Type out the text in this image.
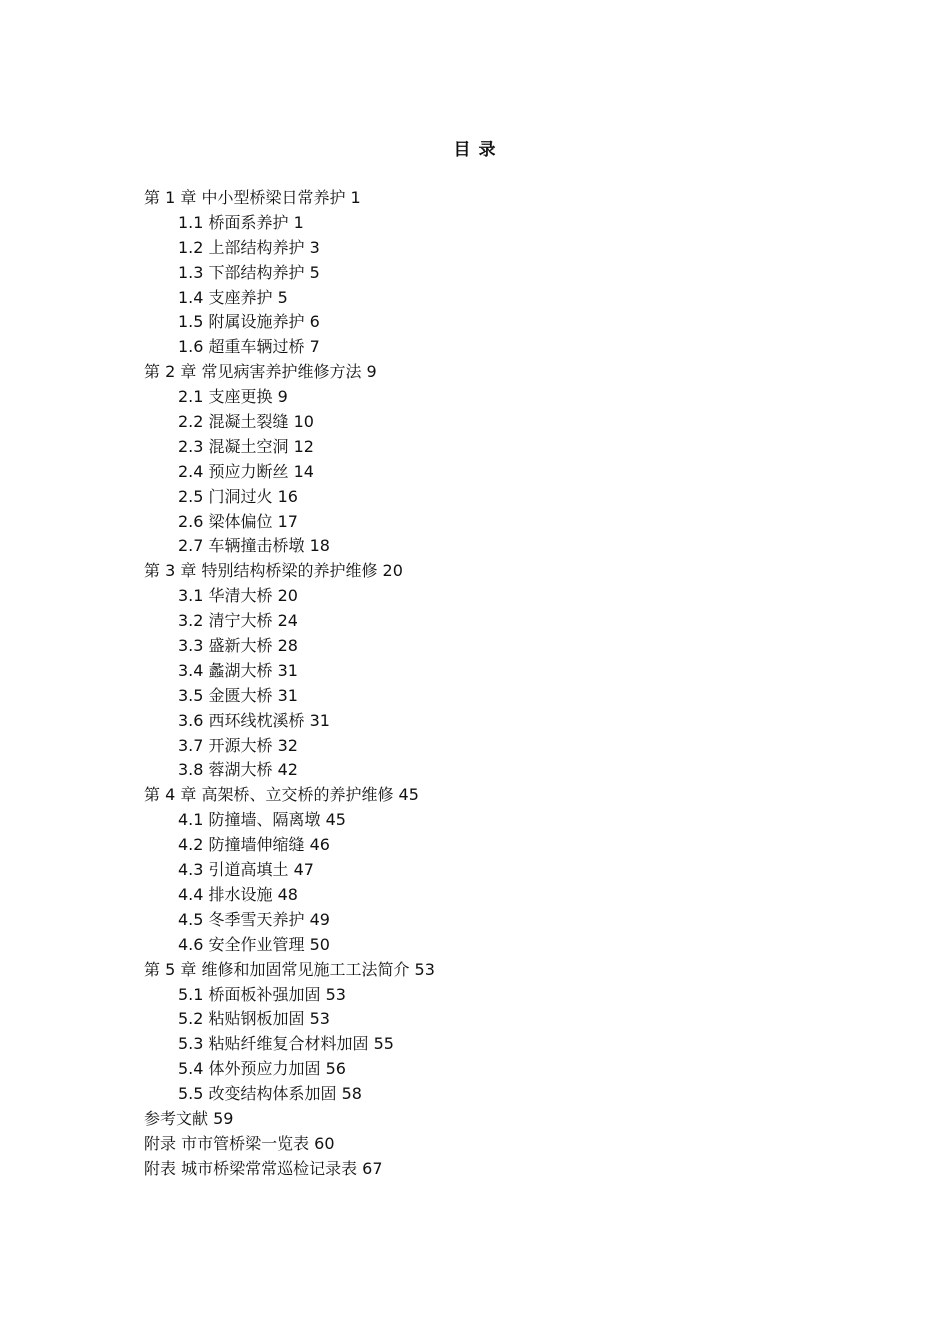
目 录
第 1 章 中小型桥梁日常养护 1
1.1 桥面系养护 1
1.2 上部结构养护 3
1.3 下部结构养护 5
1.4 支座养护 5
1.5 附属设施养护 6
1.6 超重车辆过桥 7
第 2 章 常见病害养护维修方法 9
2.1 支座更换 9
2.2 混凝土裂缝 10
2.3 混凝土空洞 12
2.4 预应力断丝 14
2.5 门洞过火 16
2.6 梁体偏位 17
2.7 车辆撞击桥墩 18
第 3 章 特别结构桥梁的养护维修 20
3.1 华清大桥 20
3.2 清宁大桥 24
3.3 盛新大桥 28
3.4 蠡湖大桥 31
3.5 金匮大桥 31
3.6 西环线枕溪桥 31
3.7 开源大桥 32
3.8 蓉湖大桥 42
第 4 章 高架桥、立交桥的养护维修 45
4.1 防撞墙、隔离墩 45
4.2 防撞墙伸缩缝 46
4.3 引道高填土 47
4.4 排水设施 48
4.5 冬季雪天养护 49
4.6 安全作业管理 50
第 5 章 维修和加固常见施工工法简介 53
5.1 桥面板补强加固 53
5.2 粘贴钢板加固 53
5.3 粘贴纤维复合材料加固 55
5.4 体外预应力加固 56
5.5 改变结构体系加固 58
参考文献 59
附录 市市管桥梁一览表 60
附表 城市桥梁常常巡检记录表 67
